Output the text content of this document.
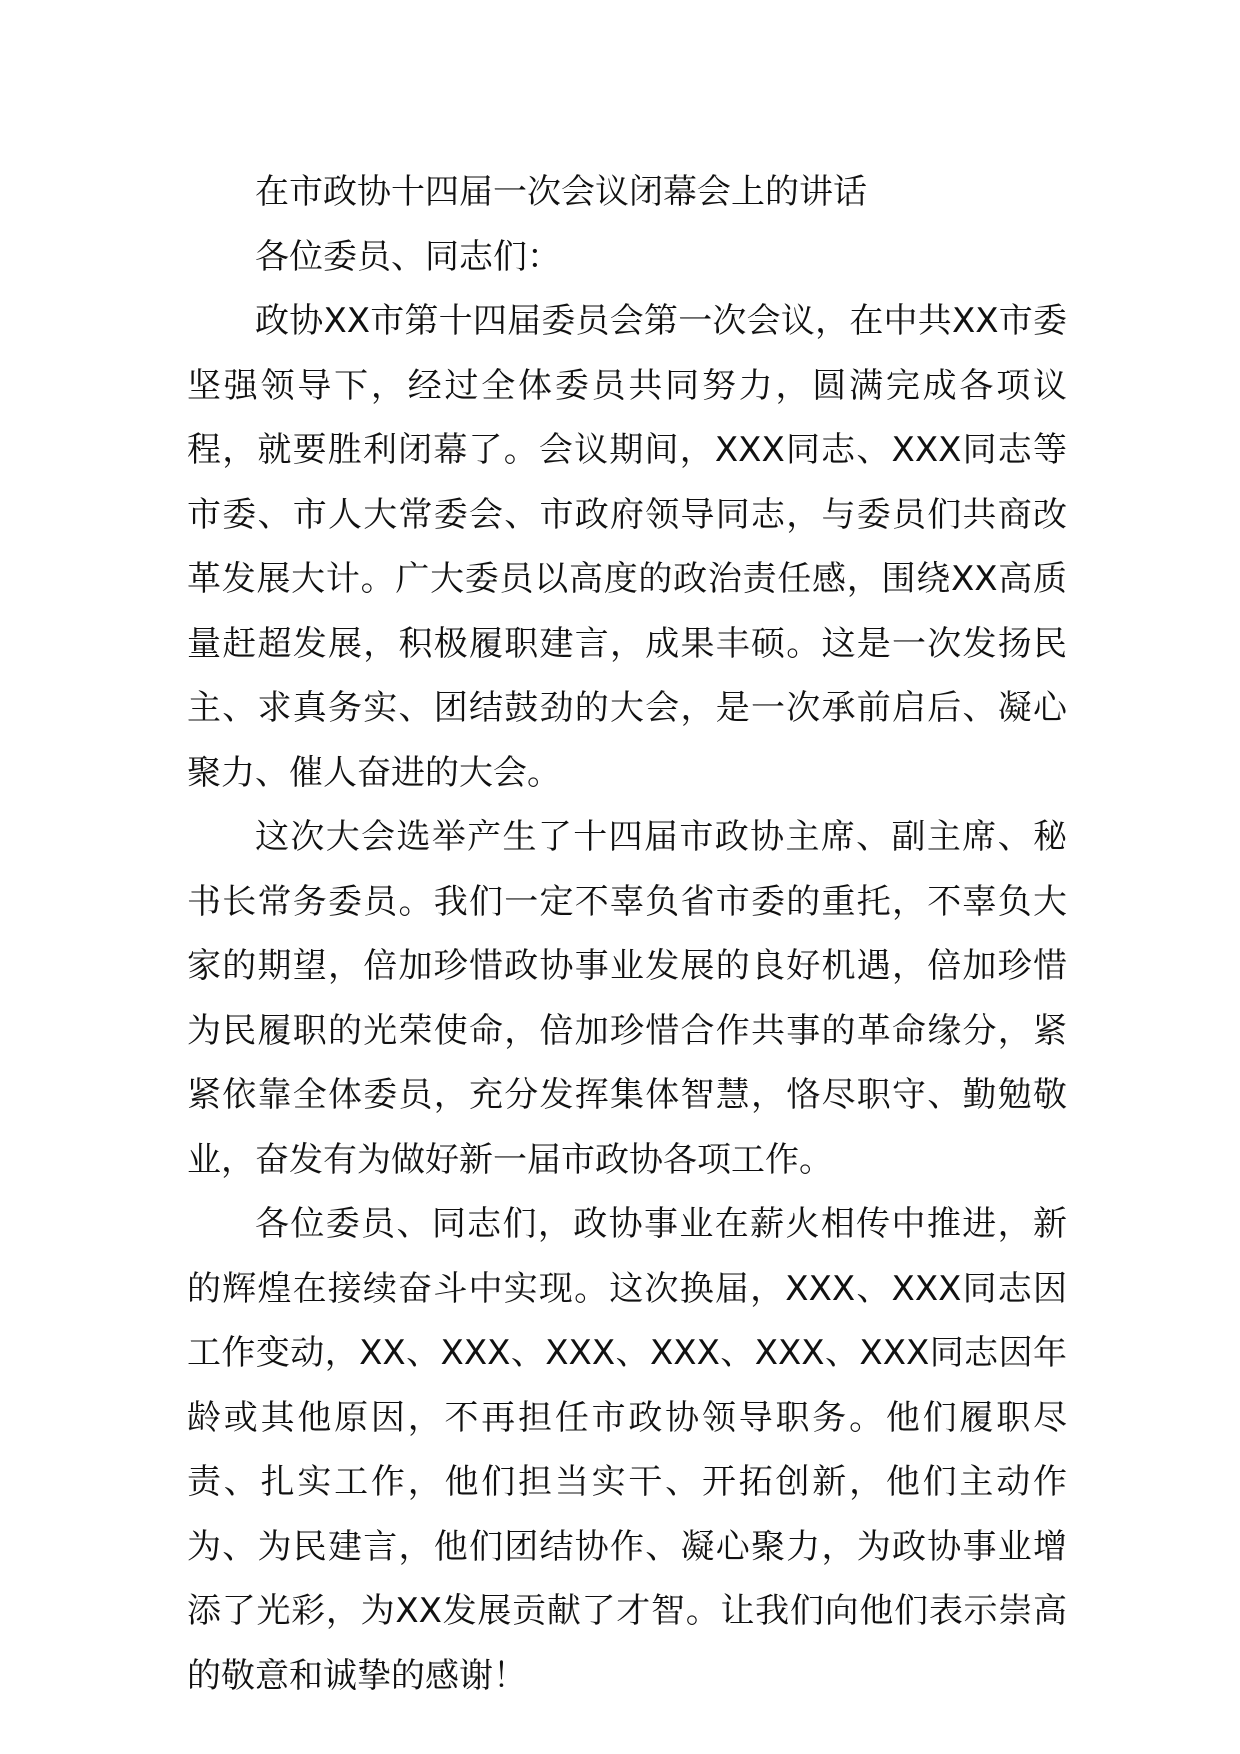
在市政协十四届一次会议闭幕会上的讲话

各位委员、同志们：

政协XX市第十四届委员会第一次会议，在中共XX市委坚强领导下，经过全体委员共同努力，圆满完成各项议程，就要胜利闭幕了。会议期间，XXX同志、XXX同志等市委、市人大常委会、市政府领导同志，与委员们共商改革发展大计。广大委员以高度的政治责任感，围绕XX高质量赶超发展，积极履职建言，成果丰硕。这是一次发扬民主、求真务实、团结鼓劲的大会，是一次承前启后、凝心聚力、催人奋进的大会。

这次大会选举产生了十四届市政协主席、副主席、秘书长常务委员。我们一定不辜负省市委的重托，不辜负大家的期望，倍加珍惜政协事业发展的良好机遇，倍加珍惜为民履职的光荣使命，倍加珍惜合作共事的革命缘分，紧紧依靠全体委员，充分发挥集体智慧，恪尽职守、勤勉敬业，奋发有为做好新一届市政协各项工作。

各位委员、同志们，政协事业在薪火相传中推进，新的辉煌在接续奋斗中实现。这次换届，XXX、XXX同志因工作变动，XX、XXX、XXX、XXX、XXX、XXX同志因年龄或其他原因，不再担任市政协领导职务。他们履职尽责、扎实工作，他们担当实干、开拓创新，他们主动作为、为民建言，他们团结协作、凝心聚力，为政协事业增添了光彩，为XX发展贡献了才智。让我们向他们表示崇高的敬意和诚挚的感谢！
